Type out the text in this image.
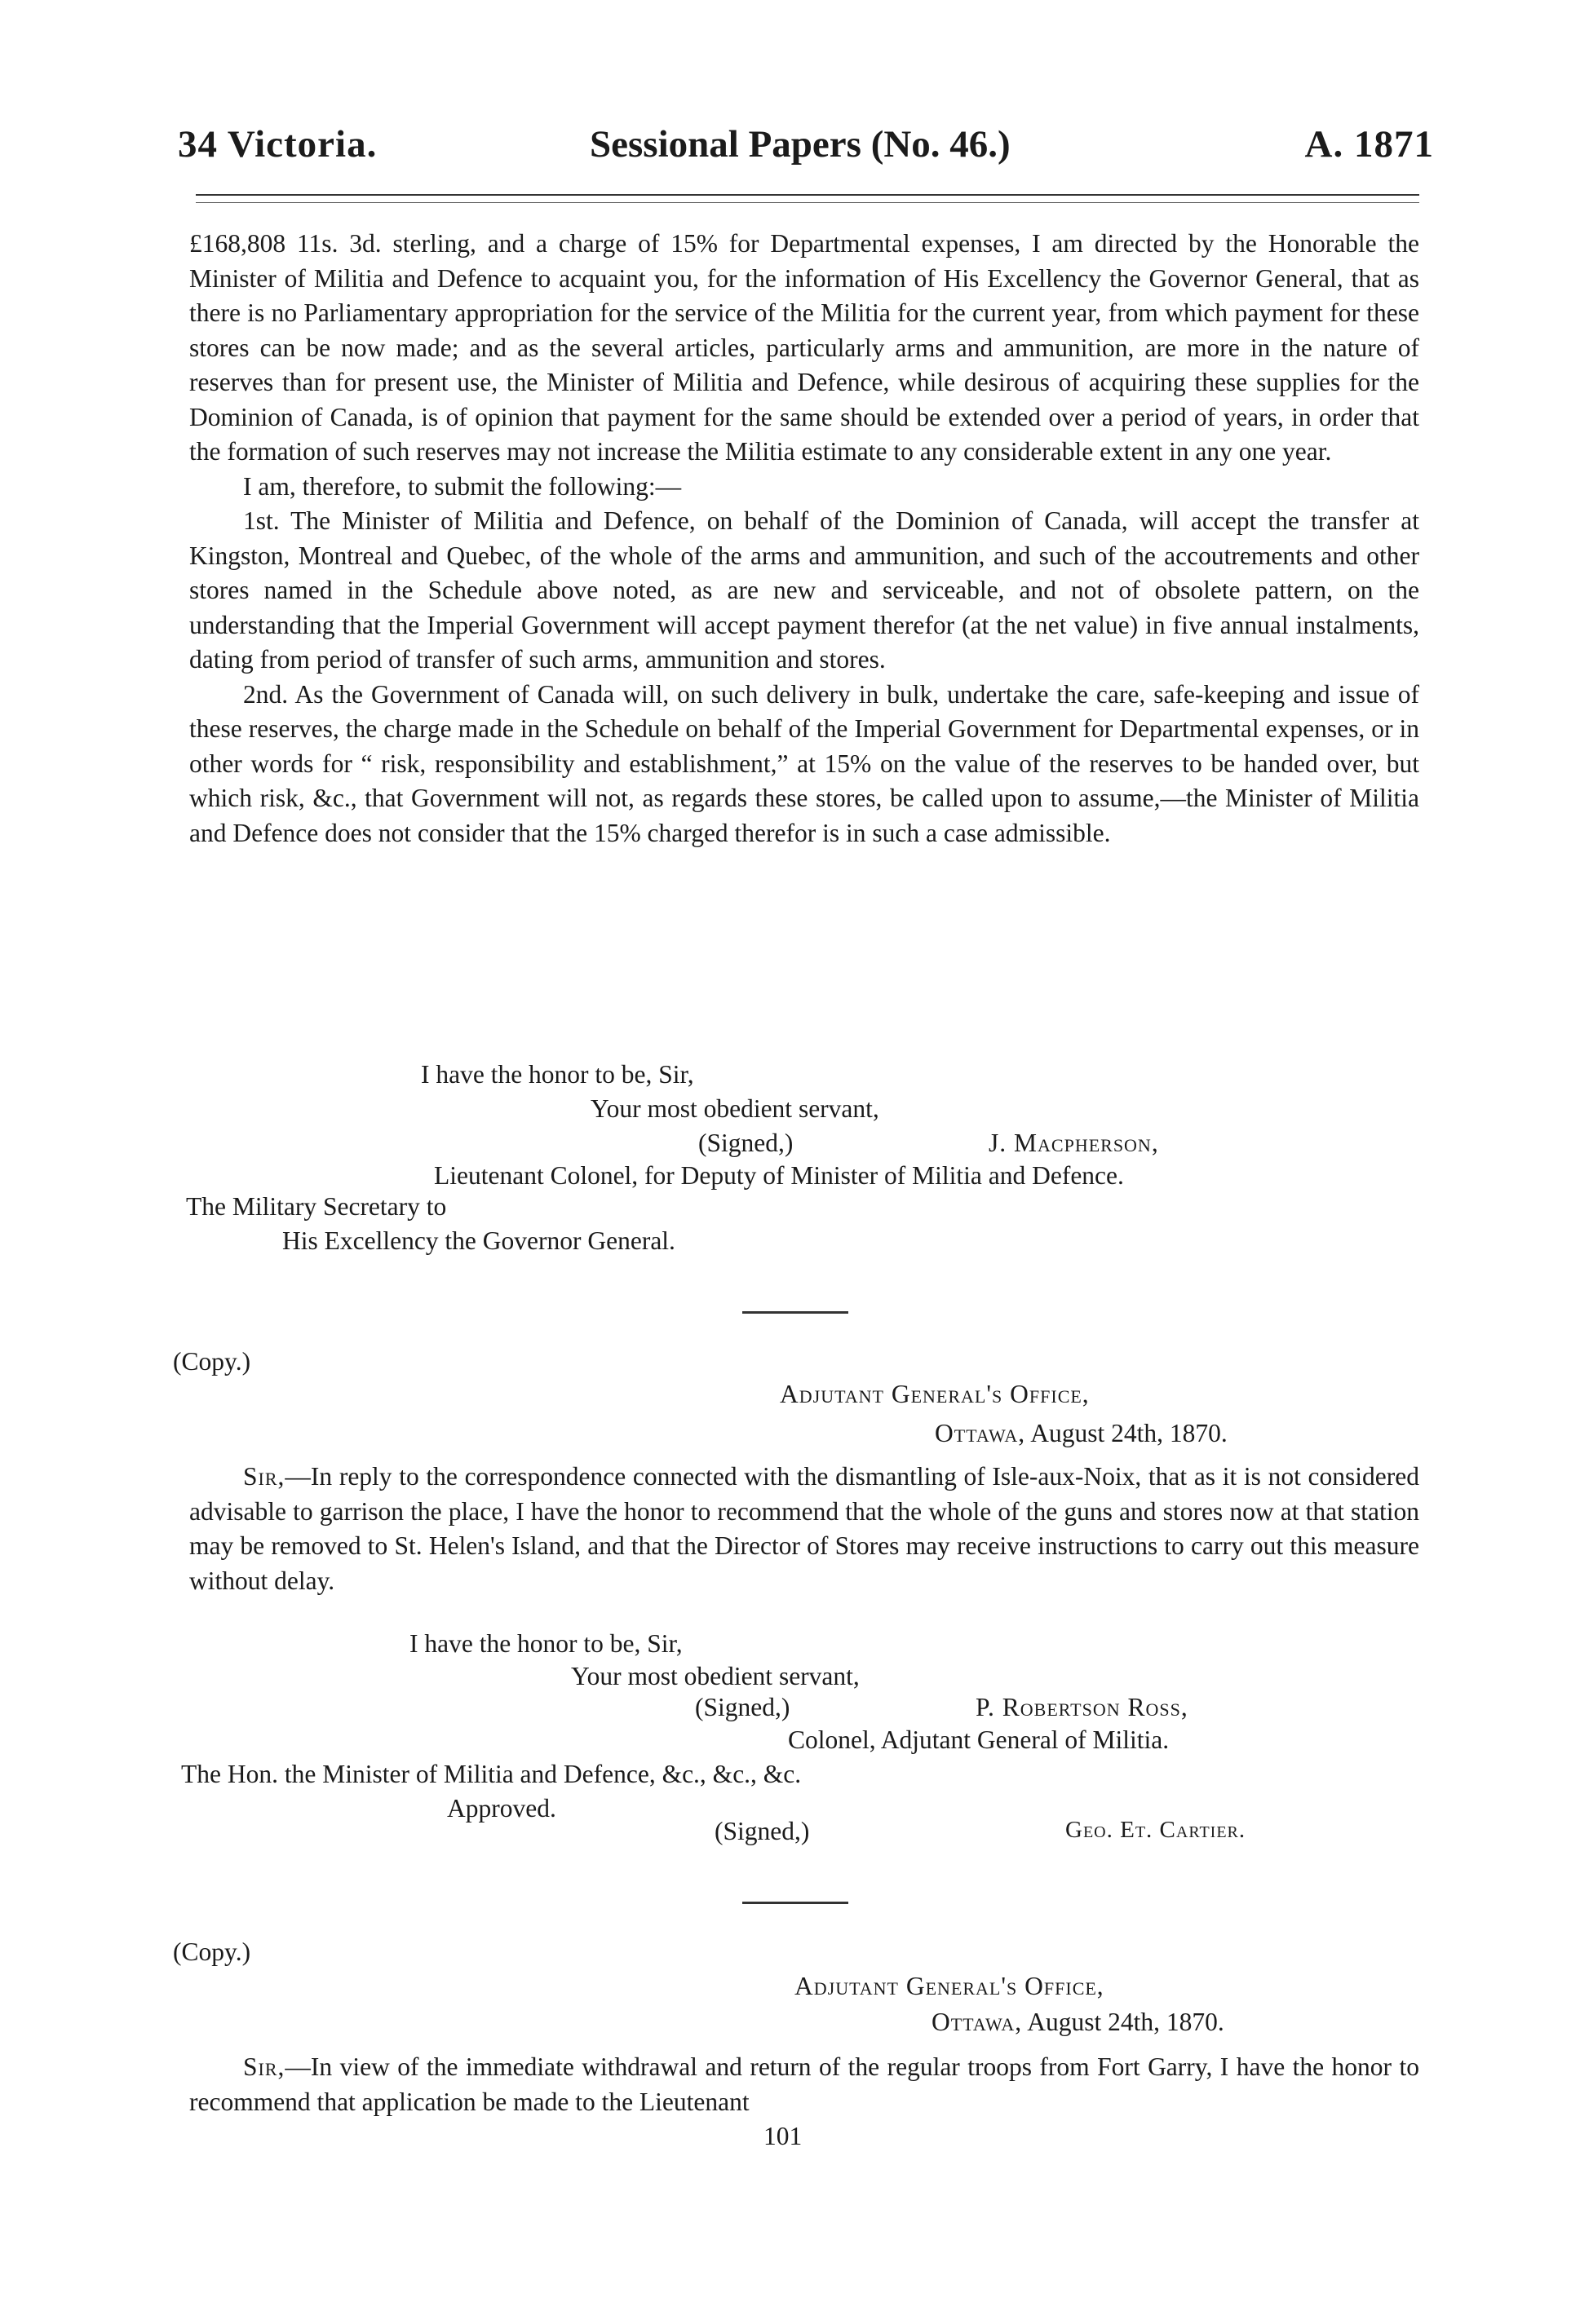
34 Victoria.	Sessional Papers (No. 46.)	A. 1871

£168,808 11s. 3d. sterling, and a charge of 15% for Departmental expenses, I am directed by the Honorable the Minister of Militia and Defence to acquaint you, for the information of His Excellency the Governor General, that as there is no Parliamentary appropriation for the service of the Militia for the current year, from which payment for these stores can be now made; and as the several articles, particularly arms and ammunition, are more in the nature of reserves than for present use, the Minister of Militia and Defence, while desirous of acquiring these supplies for the Dominion of Canada, is of opinion that payment for the same should be extended over a period of years, in order that the formation of such reserves may not increase the Militia estimate to any considerable extent in any one year.

I am, therefore, to submit the following:—

1st. The Minister of Militia and Defence, on behalf of the Dominion of Canada, will accept the transfer at Kingston, Montreal and Quebec, of the whole of the arms and ammunition, and such of the accoutrements and other stores named in the Schedule above noted, as are new and serviceable, and not of obsolete pattern, on the understanding that the Imperial Government will accept payment therefor (at the net value) in five annual instalments, dating from period of transfer of such arms, ammunition and stores.

2nd. As the Government of Canada will, on such delivery in bulk, undertake the care, safe-keeping and issue of these reserves, the charge made in the Schedule on behalf of the Imperial Government for Departmental expenses, or in other words for “ risk, responsibility and establishment,” at 15% on the value of the reserves to be handed over, but which risk, &c., that Government will not, as regards these stores, be called upon to assume,—the Minister of Militia and Defence does not consider that the 15% charged therefor is in such a case admissible.

I have the honor to be, Sir,
Your most obedient servant,
(Signed,)	J. Macpherson,
Lieutenant Colonel, for Deputy of Minister of Militia and Defence.
The Military Secretary to
His Excellency the Governor General.
(Copy.)
Adjutant General's Office,
Ottawa, August 24th, 1870.

Sir,—In reply to the correspondence connected with the dismantling of Isle-aux-Noix, that as it is not considered advisable to garrison the place, I have the honor to recommend that the whole of the guns and stores now at that station may be removed to St. Helen's Island, and that the Director of Stores may receive instructions to carry out this measure without delay.

I have the honor to be, Sir,
Your most obedient servant,
(Signed,)	P. Robertson Ross,
Colonel, Adjutant General of Militia.
The Hon. the Minister of Militia and Defence, &c., &c., &c.
Approved.
(Signed,)	Geo. Et. Cartier.
(Copy.)
Adjutant General's Office,
Ottawa, August 24th, 1870.

Sir,—In view of the immediate withdrawal and return of the regular troops from Fort Garry, I have the honor to recommend that application be made to the Lieutenant

101
